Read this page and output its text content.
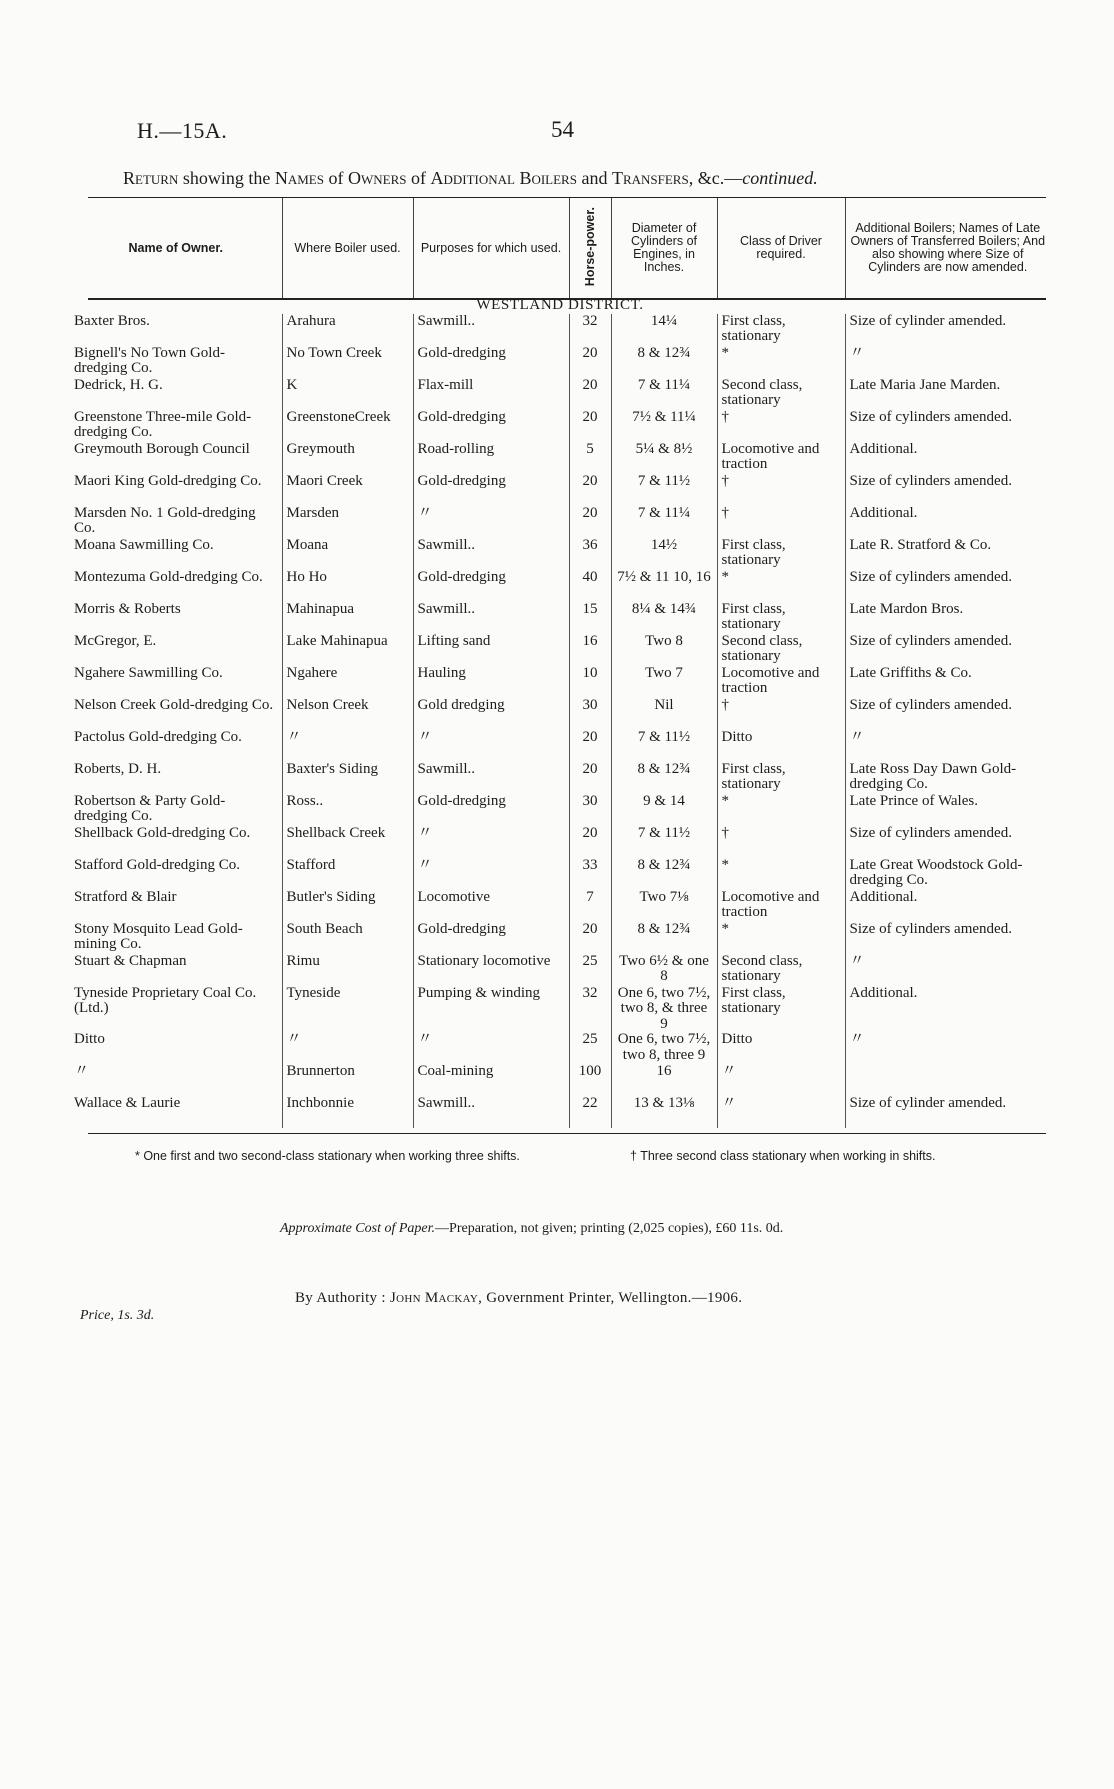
H.—15A.	54
Return showing the Names of Owners of Additional Boilers and Transfers, &c.—continued.
Name of Owner.	Where Boiler used.	Purposes for which used.	Horse-power.	Diameter of Cylinders of Engines, in Inches.	Class of Driver required.	Additional Boilers; Names of Late Owners of Transferred Boilers; And also showing where Size of Cylinders are now amended.
WESTLAND DISTRICT.						
Baxter Bros.	Arahura	Sawmill..	32	14¼	First class, stationary	Size of cylinder amended.
Bignell's No Town Gold-dredging Co.	No Town Creek	Gold-dredging	20	8 & 12¾	*	〃
Dedrick, H. G.	K	Flax-mill	20	7 & 11¼	Second class, stationary	Late Maria Jane Marden.
Greenstone Three-mile Gold-dredging Co.	GreenstoneCreek	Gold-dredging	20	7½ & 11¼	†	Size of cylinders amended.
Greymouth Borough Council	Greymouth	Road-rolling	5	5¼ & 8½	Locomotive and traction	Additional.
Maori King Gold-dredging Co.	Maori Creek	Gold-dredging	20	7 & 11½	†	Size of cylinders amended.
Marsden No. 1 Gold-dredging Co.	Marsden	〃	20	7 & 11¼	†	Additional.
Moana Sawmilling Co.	Moana	Sawmill..	36	14½	First class, stationary	Late R. Stratford & Co.
Montezuma Gold-dredging Co.	Ho Ho	Gold-dredging	40	7½ & 11 10, 16	*	Size of cylinders amended.
Morris & Roberts	Mahinapua	Sawmill..	15	8¼ & 14¾	First class, stationary	Late Mardon Bros.
McGregor, E.	Lake Mahinapua	Lifting sand	16	Two 8	Second class, stationary	Size of cylinders amended.
Ngahere Sawmilling Co.	Ngahere	Hauling	10	Two 7	Locomotive and traction	Late Griffiths & Co.
Nelson Creek Gold-dredging Co.	Nelson Creek	Gold dredging	30	Nil	†	Size of cylinders amended.
Pactolus Gold-dredging Co.	〃	〃	20	7 & 11½	Ditto	〃
Roberts, D. H.	Baxter's Siding	Sawmill..	20	8 & 12¾	First class, stationary	Late Ross Day Dawn Gold-dredging Co.
Robertson & Party Gold-dredging Co.	Ross..	Gold-dredging	30	9 & 14	*	Late Prince of Wales.
Shellback Gold-dredging Co.	Shellback Creek	〃	20	7 & 11½	†	Size of cylinders amended.
Stafford Gold-dredging Co.	Stafford	〃	33	8 & 12¾	*	Late Great Woodstock Gold-dredging Co.
Stratford & Blair	Butler's Siding	Locomotive	7	Two 7⅛	Locomotive and traction	Additional.
Stony Mosquito Lead Gold-mining Co.	South Beach	Gold-dredging	20	8 & 12¾	*	Size of cylinders amended.
Stuart & Chapman	Rimu	Stationary locomotive	25	Two 6½ & one 8	Second class, stationary	〃
Tyneside Proprietary Coal Co. (Ltd.)	Tyneside	Pumping & winding	32	One 6, two 7½, two 8, & three 9	First class, stationary	Additional.
Ditto	〃	〃	25	One 6, two 7½, two 8, three 9	Ditto	〃
〃	Brunnerton	Coal-mining	100	16	〃	
Wallace & Laurie	Inchbonnie	Sawmill..	22	13 & 13⅛	〃	Size of cylinder amended.
* One first and two second-class stationary when working three shifts.	† Three second class stationary when working in shifts.
Approximate Cost of Paper.—Preparation, not given; printing (2,025 copies), £60 11s. 0d.
By Authority : John Mackay, Government Printer, Wellington.—1906.
Price, 1s. 3d.
